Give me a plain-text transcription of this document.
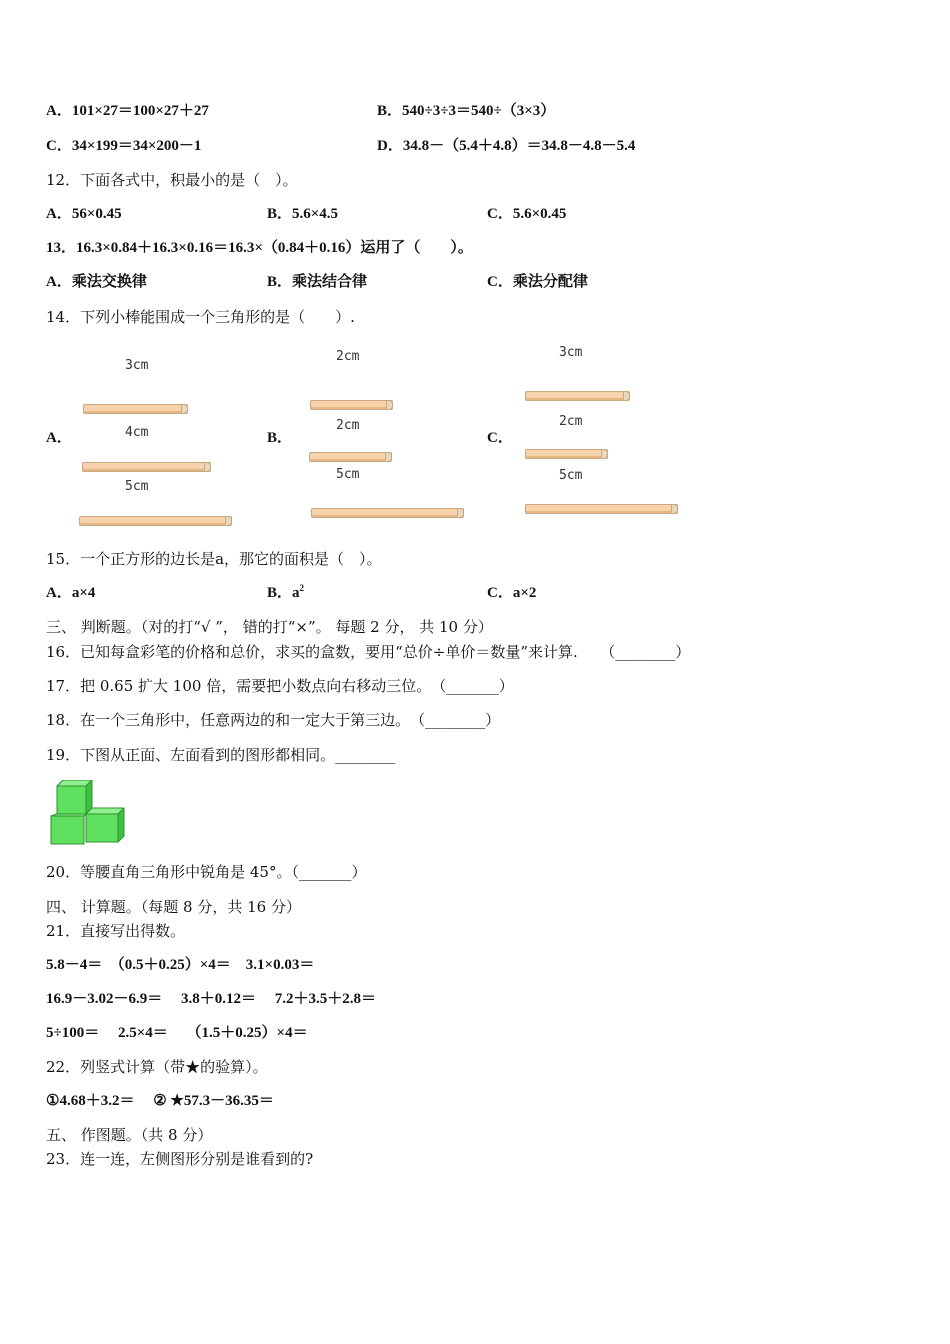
A．101×27＝100×27＋27	B．540÷3÷3＝540÷（3×3）
C．34×199＝34×200－1	D．34.8－（5.4＋4.8）＝34.8－4.8－5.4
12．下面各式中，积最小的是（　）。
A．56×0.45	B．5.6×4.5	C．5.6×0.45
13．16.3×0.84＋16.3×0.16＝16.3×（0.84＋0.16）运用了（　　）。
A．乘法交换律	B．乘法结合律	C．乘法分配律
14．下列小棒能围成一个三角形的是（　　）.
A．
3cm
4cm
5cm
B．
2cm
2cm
5cm
C．
3cm
2cm
5cm
15．一个正方形的边长是a，那它的面积是（　）。
A．a×4	B．$a^2$	C．a×2
三、 判断题。（对的打“√ ”， 错的打“×”。 每题 2 分， 共 10 分）
16．已知每盒彩笔的价格和总价，求买的盒数，要用“总价÷单价＝数量”来计算.　　（________）
17．把 0.65 扩大 100 倍，需要把小数点向右移动三位。　（_______）
18．在一个三角形中，任意两边的和一定大于第三边。　（________）
19．下图从正面、左面看到的图形都相同。________
20．等腰直角三角形中锐角是 45°。（_______）
四、 计算题。（每题 8 分，共 16 分）
21．直接写出得数。
5.8－4＝　（0.5＋0.25）×4＝　3.1×0.03＝
16.9－3.02－6.9＝　 3.8＋0.12＝　 7.2＋3.5＋2.8＝
5÷100＝　 2.5×4＝　 （1.5＋0.25）×4＝
22．列竖式计算（带★的验算）。
①4.68＋3.2＝　 ② ★57.3－36.35＝
五、 作图题。（共 8 分）
23．连一连，左侧图形分别是谁看到的?
